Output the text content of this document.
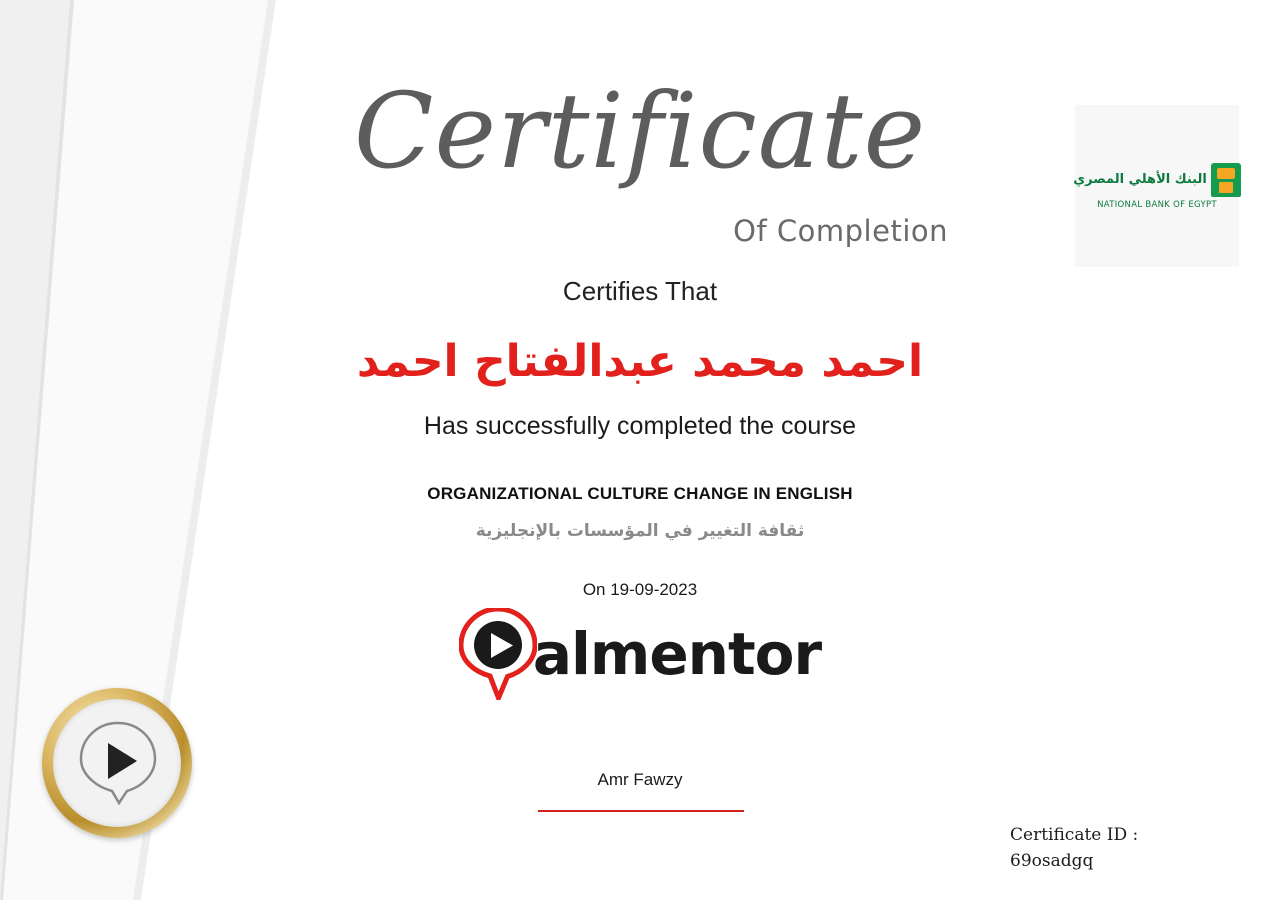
Certificate
Of Completion
البنك الأهلي المصري
NATIONAL BANK OF EGYPT
Certifies That
احمد محمد عبدالفتاح احمد
Has successfully completed the course
ORGANIZATIONAL CULTURE CHANGE IN ENGLISH
ثقافة التغيير في المؤسسات بالإنجليزية
On 19-09-2023
almentor
Amr Fawzy
Certificate ID :
69osadgq
